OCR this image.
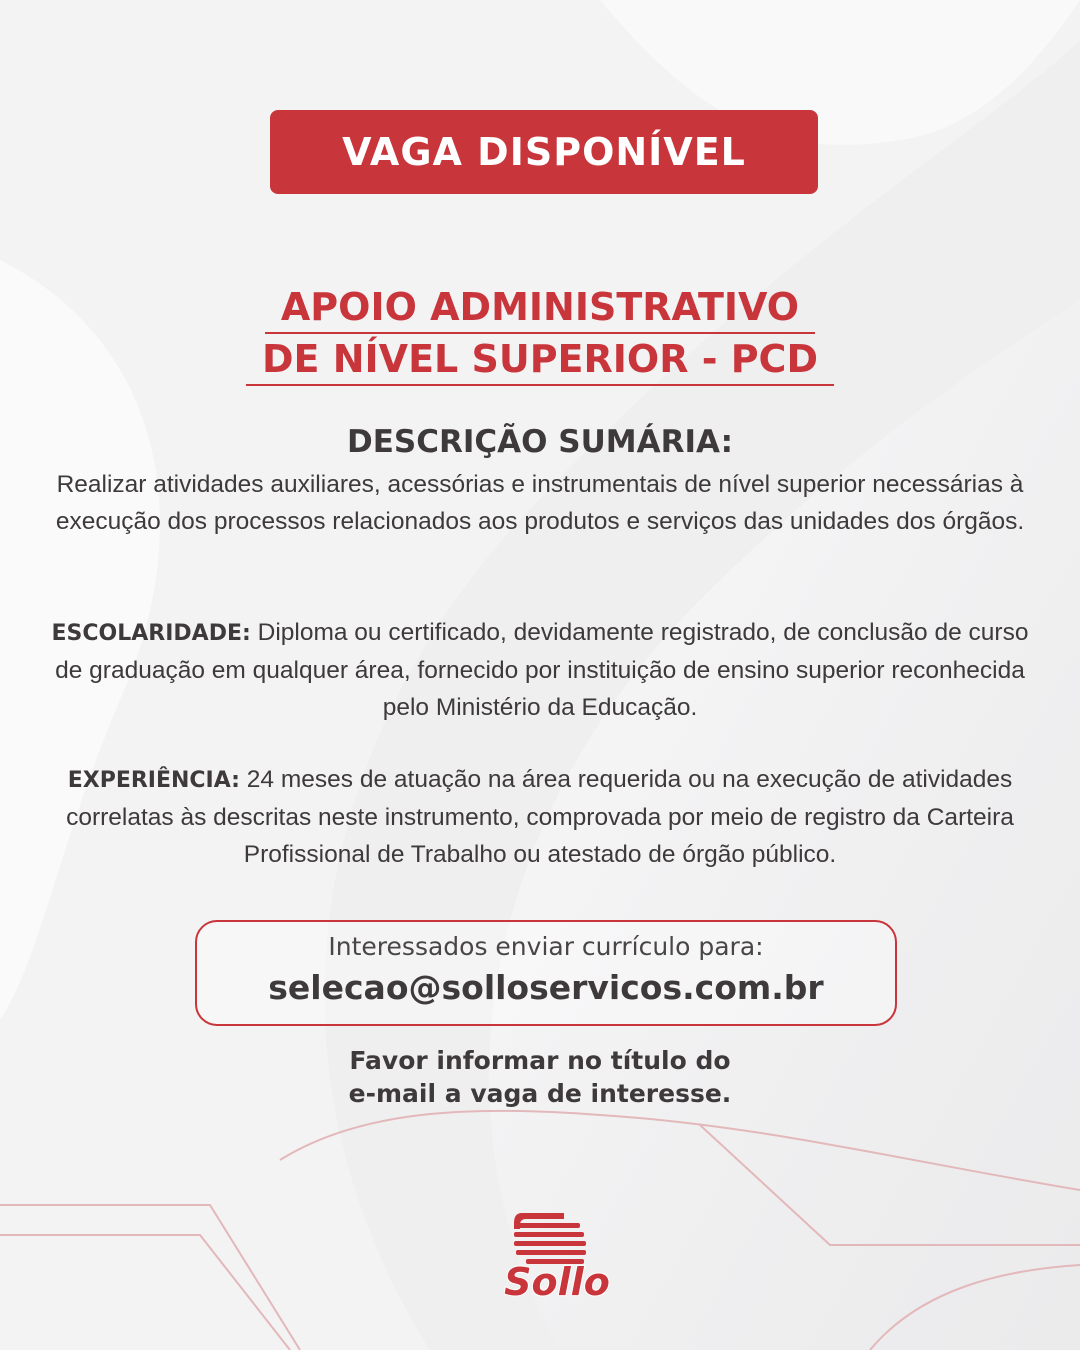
VAGA DISPONÍVEL
APOIO ADMINISTRATIVO
DE NÍVEL SUPERIOR - PCD
DESCRIÇÃO SUMÁRIA:
Realizar atividades auxiliares, acessórias e instrumentais de nível superior necessárias à execução dos processos relacionados aos produtos e serviços das unidades dos órgãos.
ESCOLARIDADE: Diploma ou certificado, devidamente registrado, de conclusão de curso de graduação em qualquer área, fornecido por instituição de ensino superior reconhecida pelo Ministério da Educação.
EXPERIÊNCIA: 24 meses de atuação na área requerida ou na execução de atividades correlatas às descritas neste instrumento, comprovada por meio de registro da Carteira Profissional de Trabalho ou atestado de órgão público.
Interessados enviar currículo para:
selecao@solloservicos.com.br
Favor informar no título do
e-mail a vaga de interesse.
Sollo
